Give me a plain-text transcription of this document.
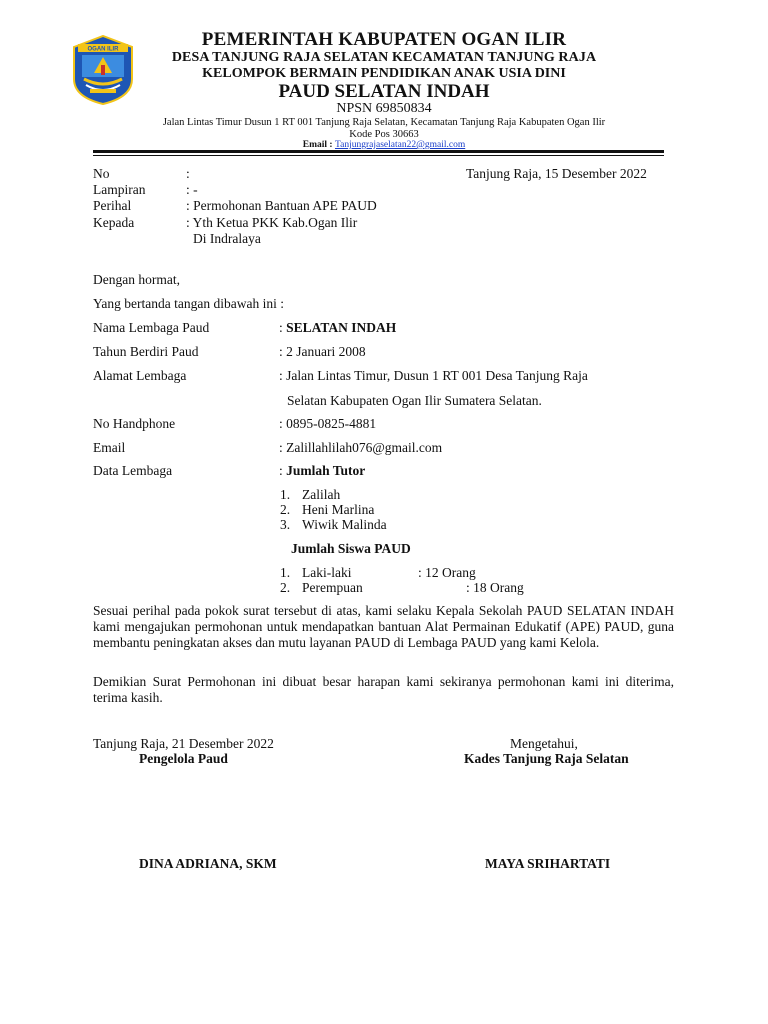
OGAN ILIR	PEMERINTAH KABUPATEN OGAN ILIR
DESA TANJUNG RAJA SELATAN KECAMATAN TANJUNG RAJA
KELOMPOK BERMAIN PENDIDIKAN ANAK USIA DINI
PAUD SELATAN INDAH
NPSN 69850834
Jalan Lintas Timur Dusun 1 RT 001 Tanjung Raja Selatan, Kecamatan Tanjung Raja Kabupaten Ogan Ilir
Kode Pos 30663
Email : Tanjungrajaselatan22@gmail.com
No	:	Tanjung Raja, 15 Desember 2022
Lampiran	: -
Perihal	: Permohonan Bantuan APE PAUD
Kepada	: Yth Ketua PKK Kab.Ogan Ilir
Di Indralaya
Dengan hormat,
Yang bertanda tangan dibawah ini :
Nama Lembaga Paud	: SELATAN INDAH
Tahun Berdiri Paud	: 2 Januari 2008
Alamat Lembaga	: Jalan Lintas Timur, Dusun 1 RT 001 Desa Tanjung Raja
Selatan Kabupaten Ogan Ilir Sumatera Selatan.
No Handphone	: 0895-0825-4881
Email	: Zalillahlilah076@gmail.com
Data Lembaga	: Jumlah Tutor
1. Zalilah
2. Heni Marlina
3. Wiwik Malinda
Jumlah Siswa PAUD
1. Laki-laki	: 12 Orang
2. Perempuan	: 18 Orang
Sesuai perihal pada pokok surat tersebut di atas, kami selaku Kepala Sekolah PAUD SELATAN INDAH kami mengajukan permohonan untuk mendapatkan bantuan Alat Permainan Edukatif (APE) PAUD, guna membantu peningkatan akses dan mutu layanan PAUD di Lembaga PAUD yang kami Kelola.
Demikian Surat Permohonan ini dibuat besar harapan kami sekiranya permohonan kami ini diterima, terima kasih.
Tanjung Raja, 21 Desember 2022
Pengelola Paud
DINA ADRIANA, SKM
Mengetahui,
Kades Tanjung Raja Selatan
MAYA SRIHARTATI
